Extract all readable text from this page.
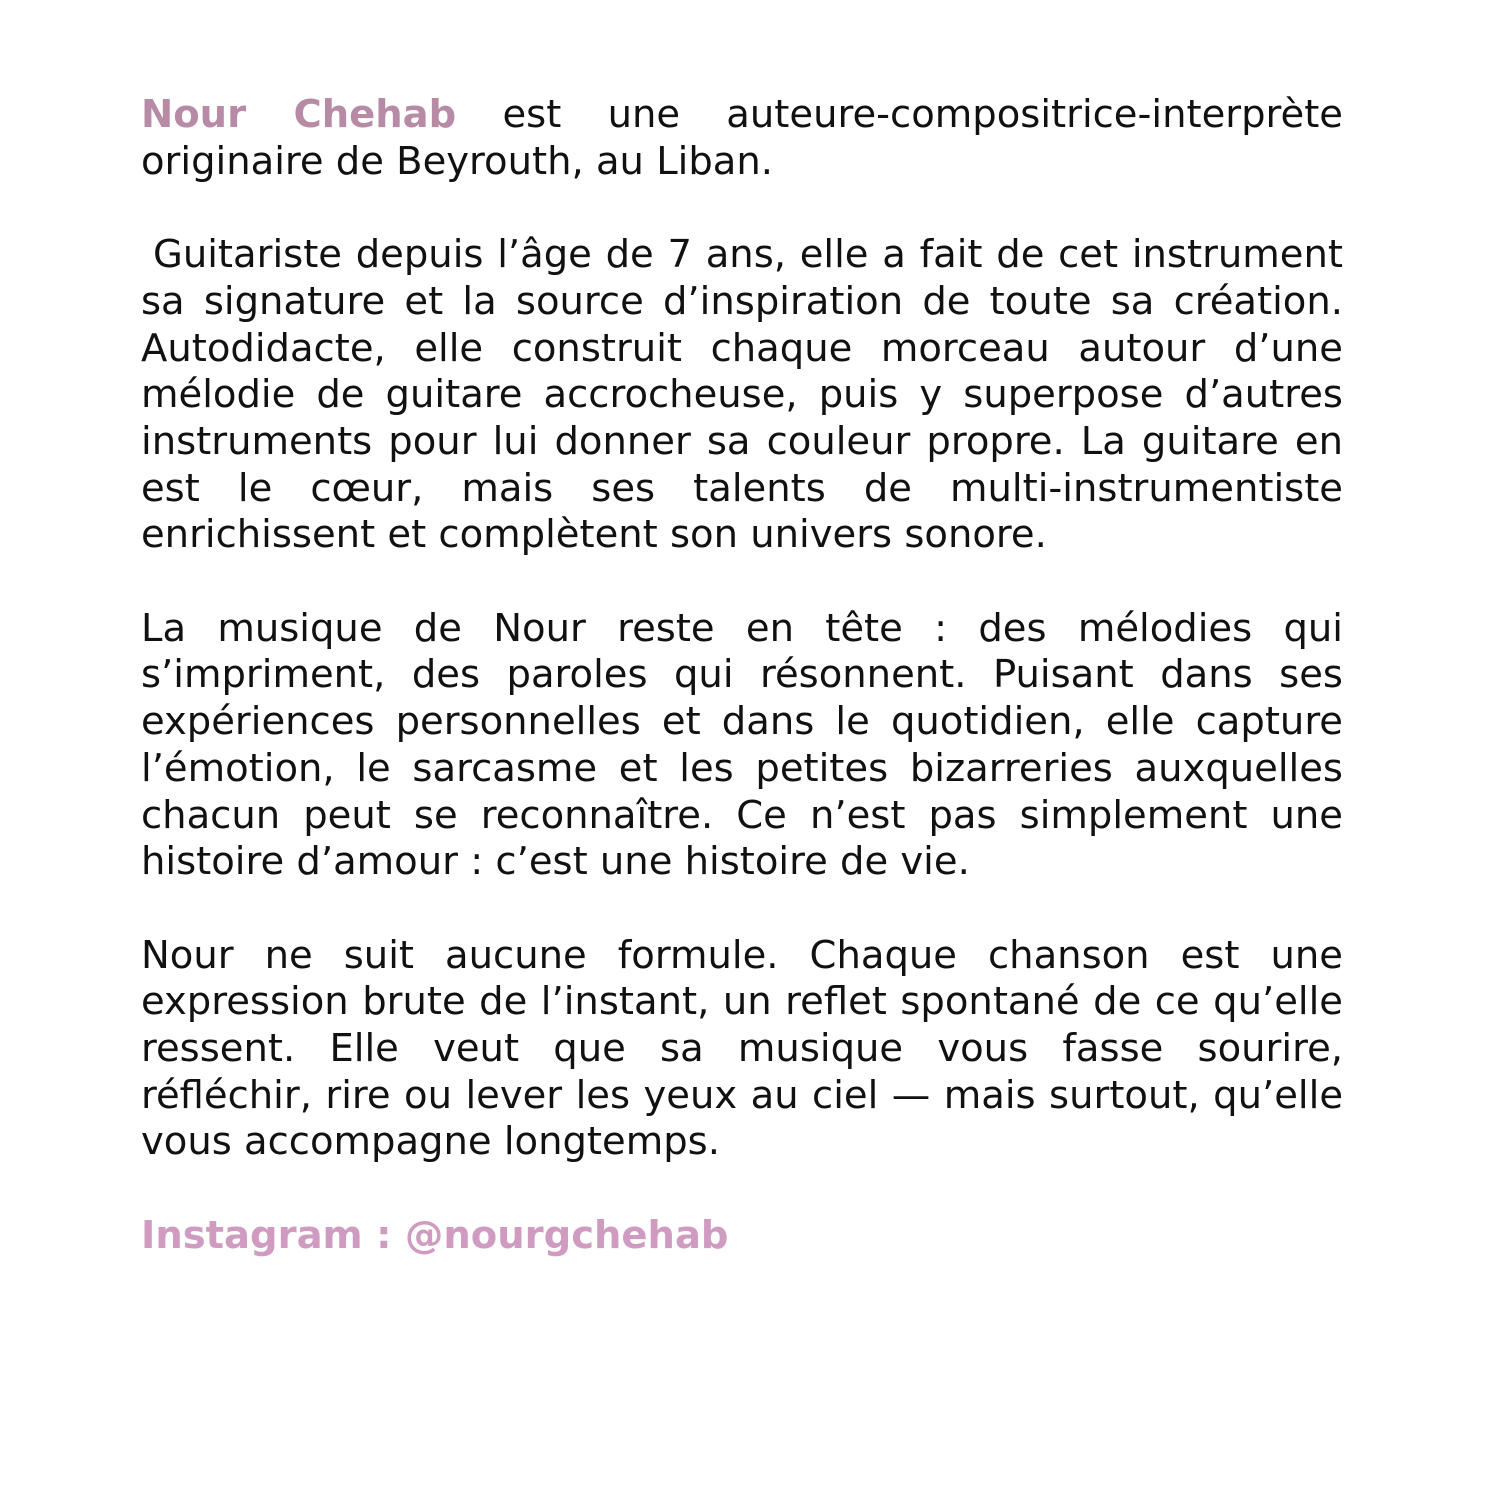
Nour Chehab est une auteure-compositrice-interprète originaire de Beyrouth, au Liban.

Guitariste depuis l’âge de 7 ans, elle a fait de cet instrument sa signature et la source d’inspiration de toute sa création. Autodidacte, elle construit chaque morceau autour d’une mélodie de guitare accrocheuse, puis y superpose d’autres instruments pour lui donner sa couleur propre. La guitare en est le cœur, mais ses talents de multi-instrumentiste enrichissent et complètent son univers sonore.

La musique de Nour reste en tête : des mélodies qui s’impriment, des paroles qui résonnent. Puisant dans ses expériences personnelles et dans le quotidien, elle capture l’émotion, le sarcasme et les petites bizarreries auxquelles chacun peut se reconnaître. Ce n’est pas simplement une histoire d’amour : c’est une histoire de vie.

Nour ne suit aucune formule. Chaque chanson est une expression brute de l’instant, un reflet spontané de ce qu’elle ressent. Elle veut que sa musique vous fasse sourire, réfléchir, rire ou lever les yeux au ciel — mais surtout, qu’elle vous accompagne longtemps.

Instagram : @nourgchehab
